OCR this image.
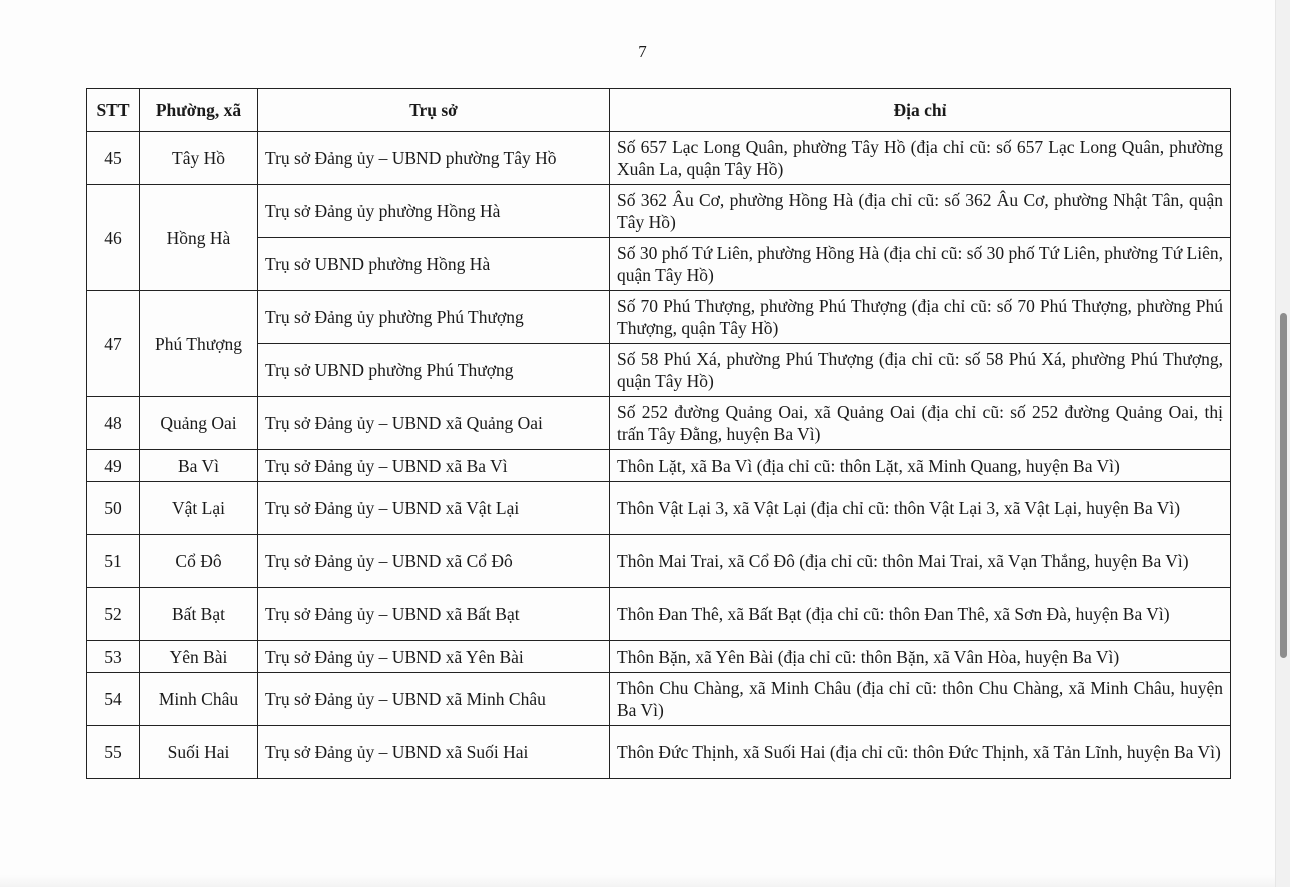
7
STT	Phường, xã	Trụ sở	Địa chỉ
45	Tây Hồ	Trụ sở Đảng ủy – UBND phường Tây Hồ	Số 657 Lạc Long Quân, phường Tây Hồ (địa chỉ cũ: số 657 Lạc Long Quân, phường Xuân La, quận Tây Hồ)
46	Hồng Hà	Trụ sở Đảng ủy phường Hồng Hà	Số 362 Âu Cơ, phường Hồng Hà (địa chỉ cũ: số 362 Âu Cơ, phường Nhật Tân, quận Tây Hồ)
		Trụ sở UBND phường Hồng Hà	Số 30 phố Tứ Liên, phường Hồng Hà (địa chỉ cũ: số 30 phố Tứ Liên, phường Tứ Liên, quận Tây Hồ)
47	Phú Thượng	Trụ sở Đảng ủy phường Phú Thượng	Số 70 Phú Thượng, phường Phú Thượng (địa chỉ cũ: số 70 Phú Thượng, phường Phú Thượng, quận Tây Hồ)
		Trụ sở UBND phường Phú Thượng	Số 58 Phú Xá, phường Phú Thượng (địa chỉ cũ: số 58 Phú Xá, phường Phú Thượng, quận Tây Hồ)
48	Quảng Oai	Trụ sở Đảng ủy – UBND xã Quảng Oai	Số 252 đường Quảng Oai, xã Quảng Oai (địa chỉ cũ: số 252 đường Quảng Oai, thị trấn Tây Đằng, huyện Ba Vì)
49	Ba Vì	Trụ sở Đảng ủy – UBND xã Ba Vì	Thôn Lặt, xã Ba Vì (địa chỉ cũ: thôn Lặt, xã Minh Quang, huyện Ba Vì)
50	Vật Lại	Trụ sở Đảng ủy – UBND xã Vật Lại	Thôn Vật Lại 3, xã Vật Lại (địa chỉ cũ: thôn Vật Lại 3, xã Vật Lại, huyện Ba Vì)
51	Cổ Đô	Trụ sở Đảng ủy – UBND xã Cổ Đô	Thôn Mai Trai, xã Cổ Đô (địa chỉ cũ: thôn Mai Trai, xã Vạn Thắng, huyện Ba Vì)
52	Bất Bạt	Trụ sở Đảng ủy – UBND xã Bất Bạt	Thôn Đan Thê, xã Bất Bạt (địa chỉ cũ: thôn Đan Thê, xã Sơn Đà, huyện Ba Vì)
53	Yên Bài	Trụ sở Đảng ủy – UBND xã Yên Bài	Thôn Bặn, xã Yên Bài (địa chỉ cũ: thôn Bặn, xã Vân Hòa, huyện Ba Vì)
54	Minh Châu	Trụ sở Đảng ủy – UBND xã Minh Châu	Thôn Chu Chàng, xã Minh Châu (địa chỉ cũ: thôn Chu Chàng, xã Minh Châu, huyện Ba Vì)
55	Suối Hai	Trụ sở Đảng ủy – UBND xã Suối Hai	Thôn Đức Thịnh, xã Suối Hai (địa chỉ cũ: thôn Đức Thịnh, xã Tản Lĩnh, huyện Ba Vì)
